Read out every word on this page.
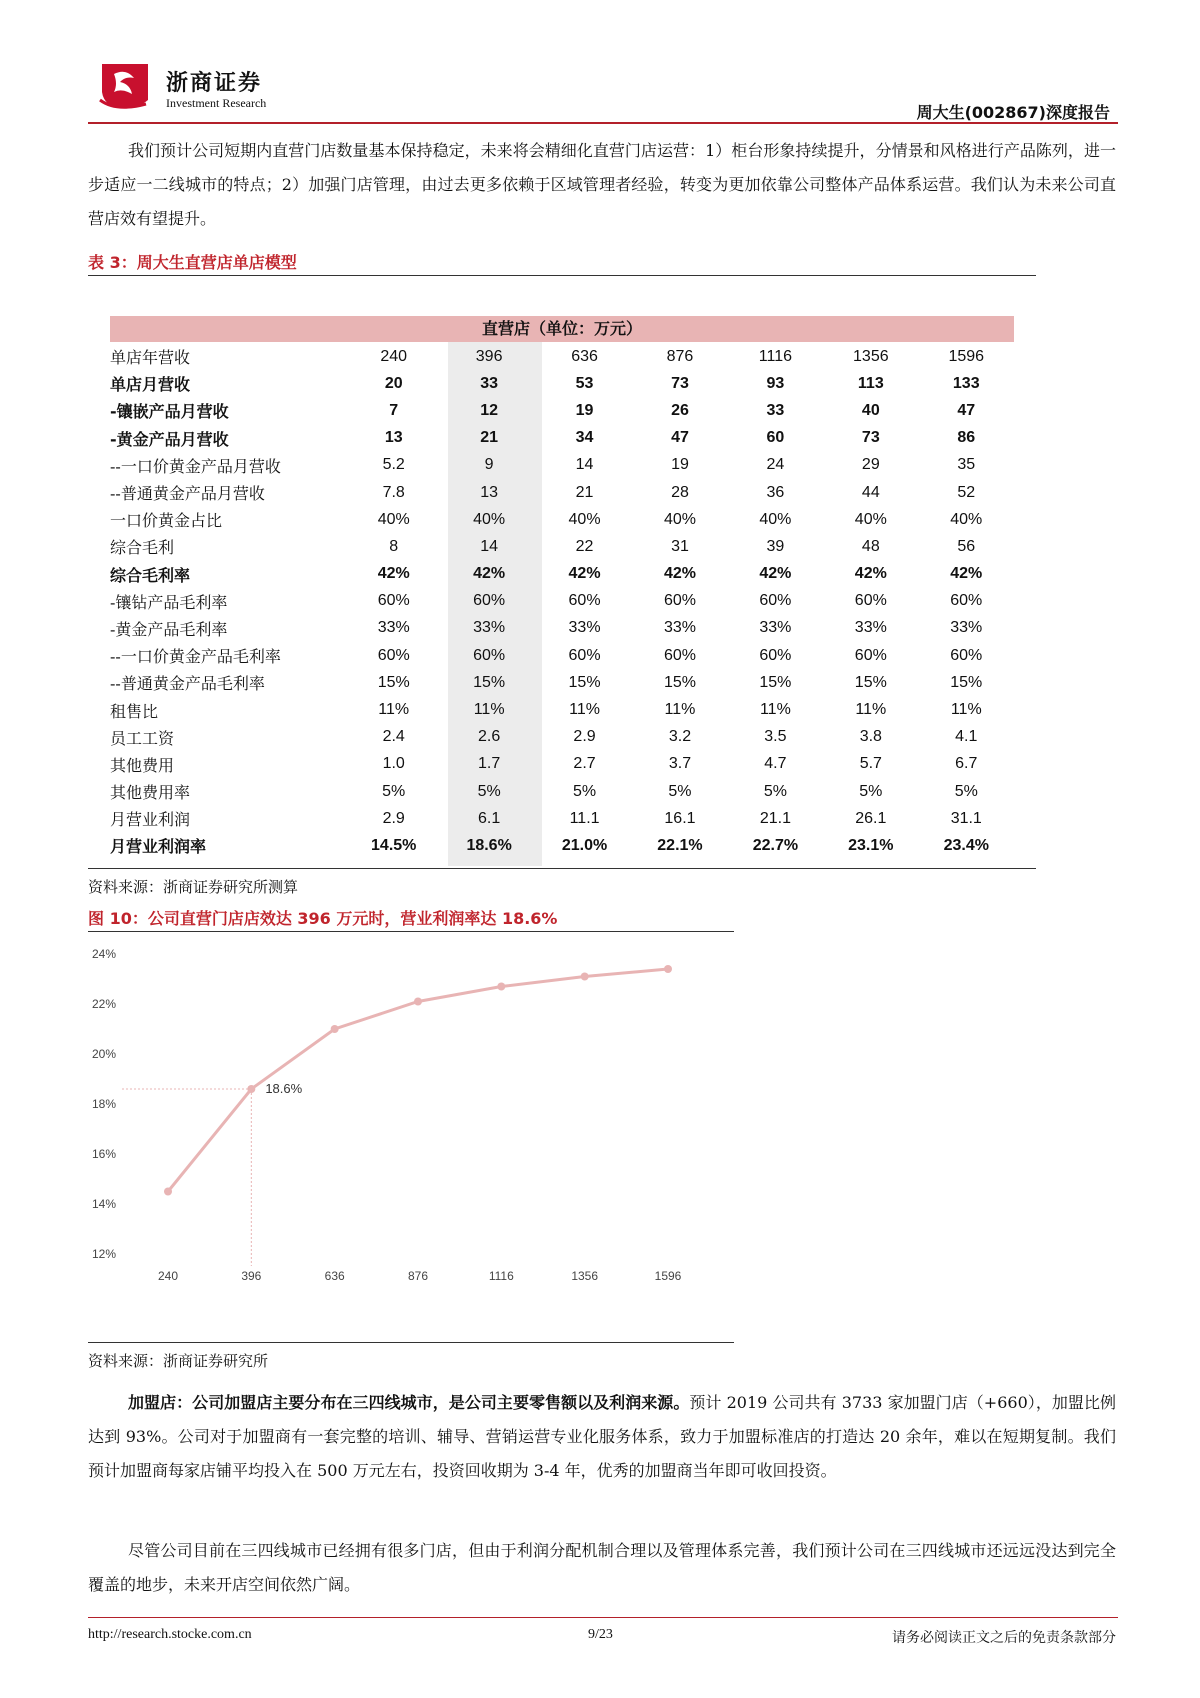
浙商证券
Investment Research	周大生(002867)深度报告
我们预计公司短期内直营门店数量基本保持稳定，未来将会精细化直营门店运营：1）柜台形象持续提升，分情景和风格进行产品陈列，进一步适应一二线城市的特点；2）加强门店管理，由过去更多依赖于区域管理者经验，转变为更加依靠公司整体产品体系运营。我们认为未来公司直营店效有望提升。
表 3：周大生直营店单店模型
直营店（单位：万元）
单店年营收	240	396	636	876	1116	1356	1596
单店月营收	20	33	53	73	93	113	133
-镶嵌产品月营收	7	12	19	26	33	40	47
-黄金产品月营收	13	21	34	47	60	73	86
--一口价黄金产品月营收	5.2	9	14	19	24	29	35
--普通黄金产品月营收	7.8	13	21	28	36	44	52
一口价黄金占比	40%	40%	40%	40%	40%	40%	40%
综合毛利	8	14	22	31	39	48	56
综合毛利率	42%	42%	42%	42%	42%	42%	42%
-镶钻产品毛利率	60%	60%	60%	60%	60%	60%	60%
-黄金产品毛利率	33%	33%	33%	33%	33%	33%	33%
--一口价黄金产品毛利率	60%	60%	60%	60%	60%	60%	60%
--普通黄金产品毛利率	15%	15%	15%	15%	15%	15%	15%
租售比	11%	11%	11%	11%	11%	11%	11%
员工工资	2.4	2.6	2.9	3.2	3.5	3.8	4.1
其他费用	1.0	1.7	2.7	3.7	4.7	5.7	6.7
其他费用率	5%	5%	5%	5%	5%	5%	5%
月营业利润	2.9	6.1	11.1	16.1	21.1	26.1	31.1
月营业利润率	14.5%	18.6%	21.0%	22.1%	22.7%	23.1%	23.4%
资料来源：浙商证券研究所测算
图 10：公司直营门店店效达 396 万元时，营业利润率达 18.6%
12%
14%
16%
18%
20%
22%
24%
240	396	636	876	1116	1356	1596
18.6%
资料来源：浙商证券研究所
加盟店：公司加盟店主要分布在三四线城市，是公司主要零售额以及利润来源。预计 2019 公司共有 3733 家加盟门店（+660），加盟比例达到 93%。公司对于加盟商有一套完整的培训、辅导、营销运营专业化服务体系，致力于加盟标准店的打造达 20 余年，难以在短期复制。我们预计加盟商每家店铺平均投入在 500 万元左右，投资回收期为 3-4 年，优秀的加盟商当年即可收回投资。
尽管公司目前在三四线城市已经拥有很多门店，但由于利润分配机制合理以及管理体系完善，我们预计公司在三四线城市还远远没达到完全覆盖的地步，未来开店空间依然广阔。
http://research.stocke.com.cn	9/23	请务必阅读正文之后的免责条款部分
